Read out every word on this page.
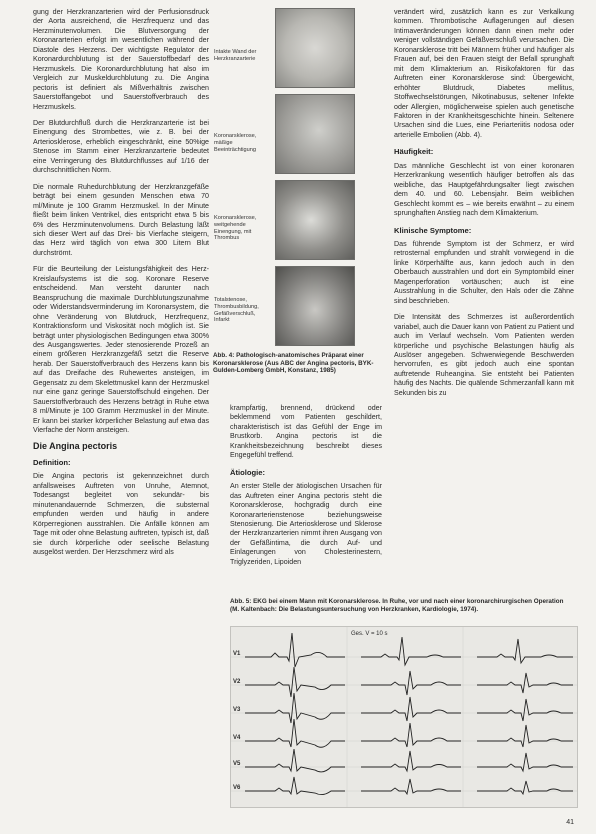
gung der Herzkranzarterien wird der Perfusionsdruck der Aorta ausreichend, die Herzfrequenz und das Herzminutenvolumen. Die Blutversorgung der Koronararterien erfolgt im wesentlichen während der Diastole des Herzens. Der wichtigste Regulator der Koronardurchblutung ist der Sauerstoffbedarf des Herzmuskels. Die Koronardurchblutung hat also im Vergleich zur Muskeldurchblutung zu. Die Angina pectoris ist definiert als Mißverhältnis zwischen Sauerstoffangebot und Sauerstoffverbrauch des Herzmuskels.

Der Blutdurchfluß durch die Herzkranzarterie ist bei Einengung des Strombettes, wie z. B. bei der Arteriosklerose, erheblich eingeschränkt, eine 50%ige Stenose im Stamm einer Herzkranzarterie bedeutet eine Verringerung des Blutdurchflusses auf 1/16 der durchschnittlichen Norm.

Die normale Ruhedurchblutung der Herzkranzgefäße beträgt bei einem gesunden Menschen etwa 70 ml/Minute je 100 Gramm Herzmuskel. In der Minute fließt beim linken Ventrikel, dies entspricht etwa 5 bis 6% des Herzminutenvolumens. Durch Belastung läßt sich dieser Wert auf das Drei- bis Vierfache steigern, das Herz wird täglich von etwa 300 Litern Blut durchströmt.

Für die Beurteilung der Leistungsfähigkeit des Herz-Kreislaufsystems ist die sog. Koronare Reserve entscheidend. Man versteht darunter nach Beanspruchung die maximale Durchblutungszunahme oder Widerstandsverminderung im Koronarsystem, die ohne Veränderung von Blutdruck, Herzfrequenz, Kontraktionsform und Viskosität noch möglich ist. Sie beträgt unter physiologischen Bedingungen etwa 300% des Ausgangswertes. Jeder stenosierende Prozeß an einem größeren Herzkranzgefäß setzt die Reserve herab. Der Sauerstoffverbrauch des Herzens kann bis auf das Dreifache des Ruhewertes ansteigen, im Gegensatz zu dem Skelettmuskel kann der Herzmuskel nur eine ganz geringe Sauerstoffschuld eingehen. Der Sauerstoffverbrauch des Herzens beträgt in Ruhe etwa 8 ml/Minute je 100 Gramm Herzmuskel in der Minute. Er kann bei starker körperlicher Belastung auf etwa das Vierfache der Norm ansteigen.

Die Angina pectoris
Definition:

Die Angina pectoris ist gekennzeichnet durch anfallsweises Auftreten von Unruhe, Atemnot, Todesangst begleitet von sekundär- bis minutenandauernde Schmerzen, die substernal empfunden werden und häufig in andere Körperregionen ausstrahlen. Die Anfälle können am Tage mit oder ohne Belastung auftreten, typisch ist, daß sie durch körperliche oder seelische Belastung ausgelöst werden. Der Herzschmerz wird als

Intakte Wand der Herzkranzarterie
Koronarsklerose, mäßige Beeinträchtigung
Koronarsklerose, weitgehende Einengung, mit Thrombus
Totalstenose, Thrombusbildung, Gefäßverschluß, Infarkt
Abb. 4: Pathologisch-anatomisches Präparat einer Koronarsklerose (Aus ABC der Angina pectoris, BYK-Gulden-Lomberg GmbH, Konstanz, 1985)

krampfartig, brennend, drückend oder beklemmend vom Patienten geschildert, charakteristisch ist das Gefühl der Enge im Brustkorb. Angina pectoris ist die Krankheitsbezeichnung beschreibt dieses Engegefühl treffend.

Ätiologie:

An erster Stelle der ätiologischen Ursachen für das Auftreten einer Angina pectoris steht die Koronarsklerose, hochgradig durch eine Koronararterienstenose beziehungsweise Stenosierung. Die Arteriosklerose und Sklerose der Herzkranzarterien nimmt ihren Ausgang von der Gefäßintima, die durch Auf- und Einlagerungen von Cholesterinestern, Triglyzeriden, Lipoiden

verändert wird, zusätzlich kann es zur Verkalkung kommen. Thrombotische Auflagerungen auf diesen Intimaveränderungen können dann einen mehr oder weniger vollständigen Gefäßverschluß verursachen. Die Koronarsklerose tritt bei Männern früher und häufiger als Frauen auf, bei den Frauen steigt der Befall sprunghaft mit dem Klimakterium an. Risikofaktoren für das Auftreten einer Koronarsklerose sind: Übergewicht, erhöhter Blutdruck, Diabetes mellitus, Stoffwechselstörungen, Nikotinabusus, seltener Infekte oder Allergien, möglicherweise spielen auch genetische Faktoren in der Krankheitsgeschichte hinein. Seltenere Ursachen sind die Lues, eine Periarteriitis nodosa oder arterielle Embolien (Abb. 4).

Häufigkeit:

Das männliche Geschlecht ist von einer koronaren Herzerkrankung wesentlich häufiger betroffen als das weibliche, das Hauptgefährdungsalter liegt zwischen dem 40. und 60. Lebensjahr. Beim weiblichen Geschlecht kommt es – wie bereits erwähnt – zu einem sprunghaften Anstieg nach dem Klimakterium.

Klinische Symptome:

Das führende Symptom ist der Schmerz, er wird retrosternal empfunden und strahlt vorwiegend in die linke Körperhälfte aus, kann jedoch auch in den Oberbauch ausstrahlen und dort ein Symptombild einer Magenperforation vortäuschen; auch ist eine Ausstrahlung in die Schulter, den Hals oder die Zähne sind beschrieben.

Die Intensität des Schmerzes ist außerordentlich variabel, auch die Dauer kann von Patient zu Patient und auch im Verlauf wechseln. Vom Patienten werden körperliche und psychische Belastungen häufig als Auslöser angegeben. Schwerwiegende Beschwerden hervorrufen, es gibt jedoch auch eine spontan auftretende Ruheangina. Sie entsteht bei Patienten häufig des Nachts. Die quälende Schmerzanfall kann mit Sekunden bis zu

Abb. 5: EKG bei einem Mann mit Koronarsklerose. In Ruhe, vor und nach einer koronarchirurgischen Operation (M. Kaltenbach: Die Belastungsuntersuchung von Herzkranken, Kardiologie, 1974).
Ges. V = 10 s
V1
V2
V3
V4
V5
V6
41
